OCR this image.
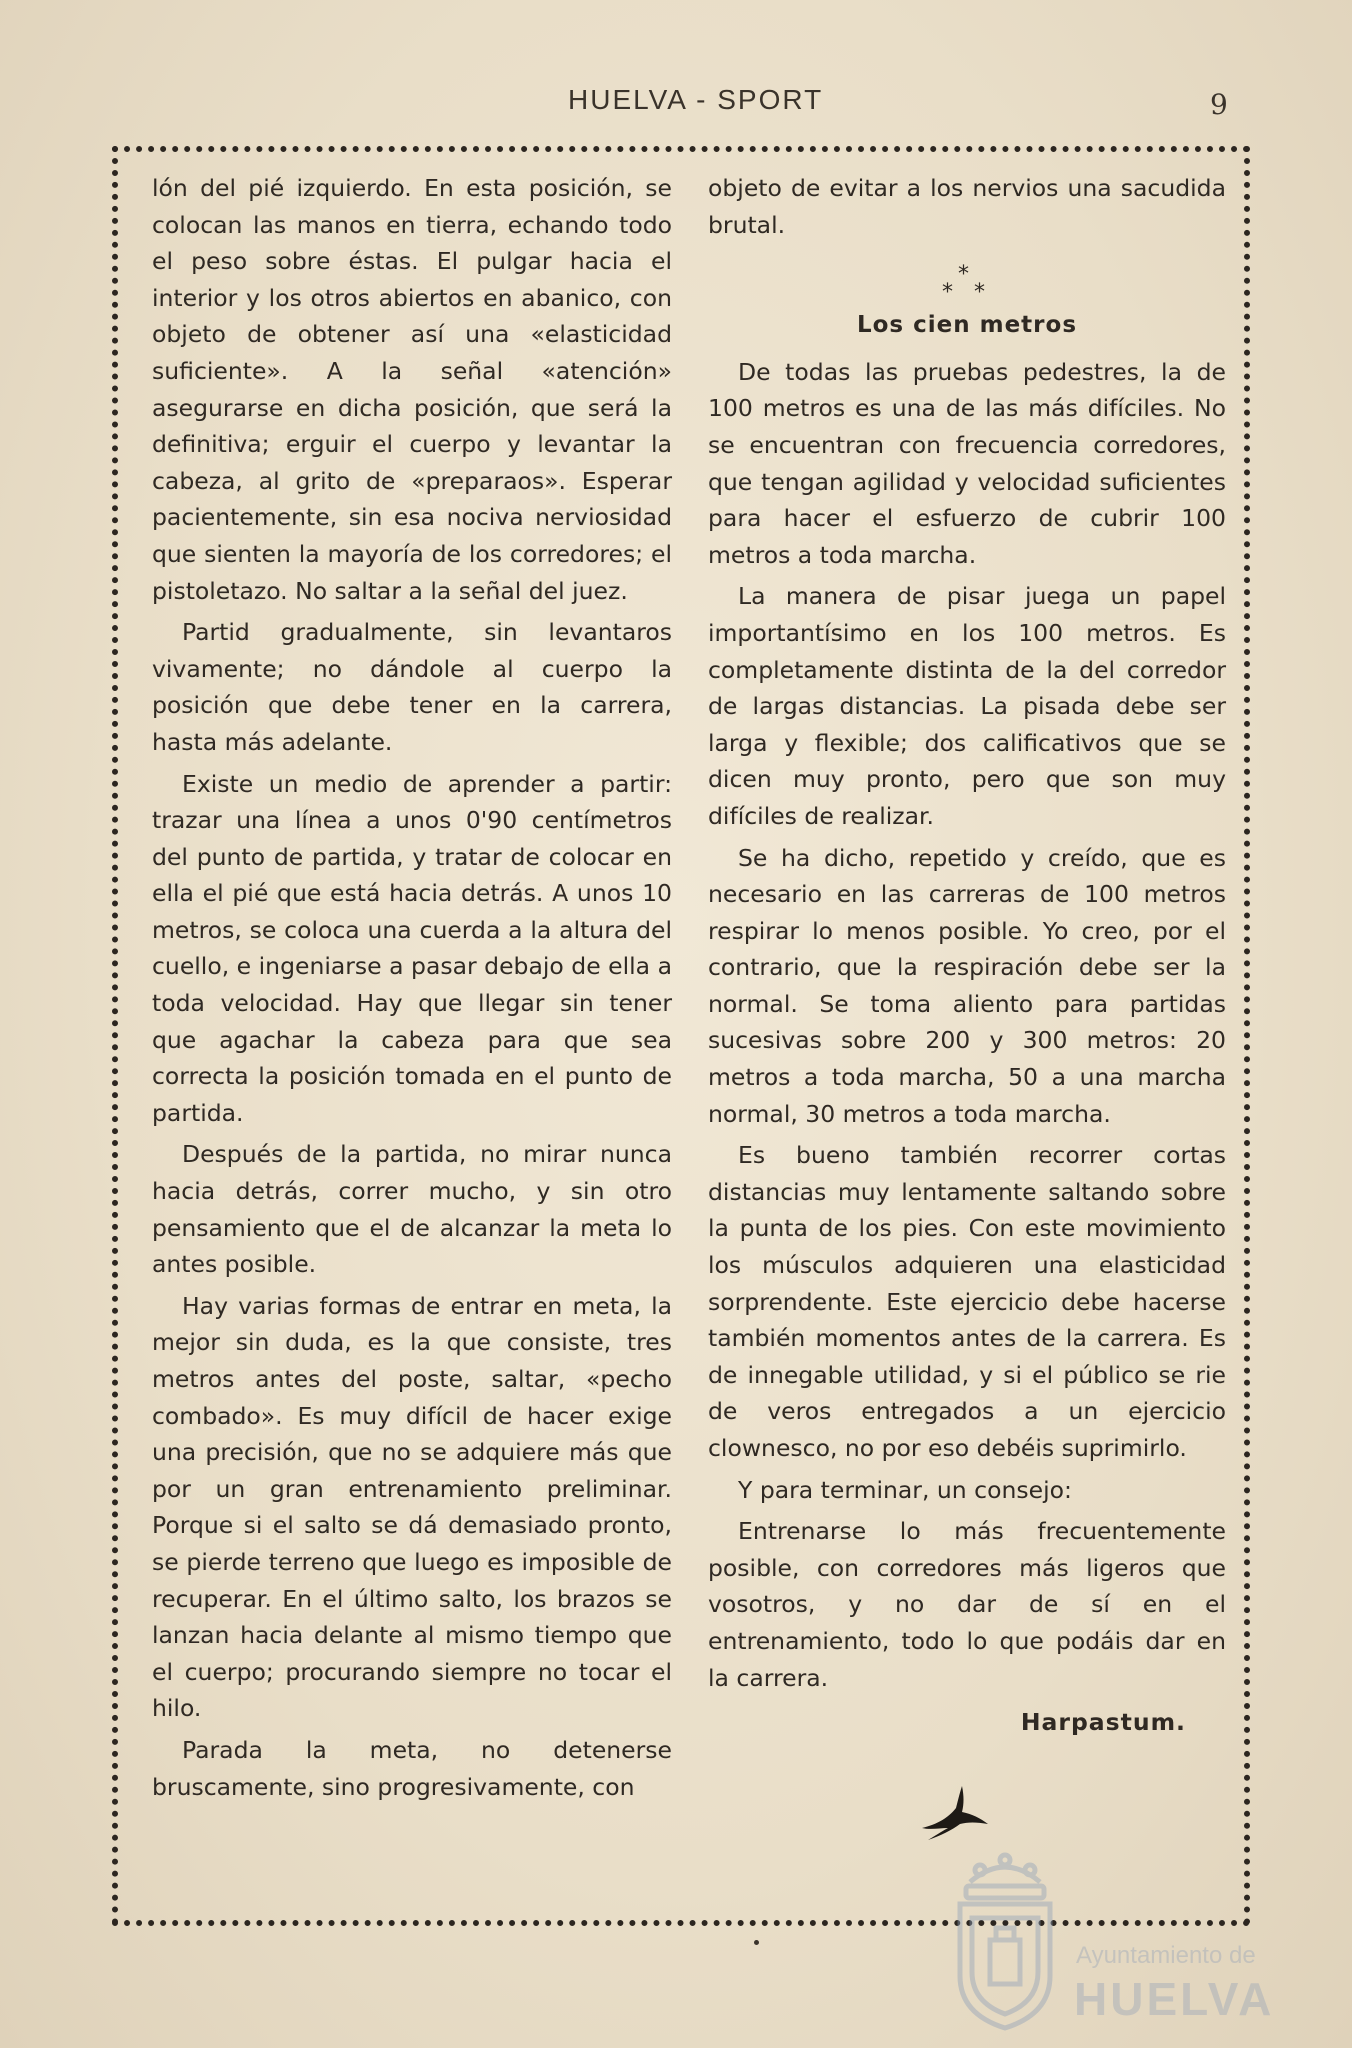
HUELVA - SPORT	9

lón del pié izquierdo. En esta posición, se colocan las manos en tierra, echando todo el peso sobre éstas. El pulgar hacia el interior y los otros abiertos en abanico, con objeto de obtener así una «elasticidad suficiente». A la señal «atención» asegurarse en dicha posición, que será la definitiva; erguir el cuerpo y levantar la cabeza, al grito de «preparaos». Esperar pacientemente, sin esa nociva nerviosidad que sienten la mayoría de los corredores; el pistoletazo. No saltar a la señal del juez.

Partid gradualmente, sin levantaros vivamente; no dándole al cuerpo la posición que debe tener en la carrera, hasta más adelante.

Existe un medio de aprender a partir: trazar una línea a unos 0'90 centímetros del punto de partida, y tratar de colocar en ella el pié que está hacia detrás. A unos 10 metros, se coloca una cuerda a la altura del cuello, e ingeniarse a pasar debajo de ella a toda velocidad. Hay que llegar sin tener que agachar la cabeza para que sea correcta la posición tomada en el punto de partida.

Después de la partida, no mirar nunca hacia detrás, correr mucho, y sin otro pensamiento que el de alcanzar la meta lo antes posible.

Hay varias formas de entrar en meta, la mejor sin duda, es la que consiste, tres metros antes del poste, saltar, «pecho combado». Es muy difícil de hacer exige una precisión, que no se adquiere más que por un gran entrenamiento preliminar. Porque si el salto se dá demasiado pronto, se pierde terreno que luego es imposible de recuperar. En el último salto, los brazos se lanzan hacia delante al mismo tiempo que el cuerpo; procurando siempre no tocar el hilo.

Parada la meta, no detenerse bruscamente, sino progresivamente, con

objeto de evitar a los nervios una sacudida brutal.

*
* *
Los cien metros

De todas las pruebas pedestres, la de 100 metros es una de las más difíciles. No se encuentran con frecuencia corredores, que tengan agilidad y velocidad suficientes para hacer el esfuerzo de cubrir 100 metros a toda marcha.

La manera de pisar juega un papel importantísimo en los 100 metros. Es completamente distinta de la del corredor de largas distancias. La pisada debe ser larga y flexible; dos calificativos que se dicen muy pronto, pero que son muy difíciles de realizar.

Se ha dicho, repetido y creído, que es necesario en las carreras de 100 metros respirar lo menos posible. Yo creo, por el contrario, que la respiración debe ser la normal. Se toma aliento para partidas sucesivas sobre 200 y 300 metros: 20 metros a toda marcha, 50 a una marcha normal, 30 metros a toda marcha.

Es bueno también recorrer cortas distancias muy lentamente saltando sobre la punta de los pies. Con este movimiento los músculos adquieren una elasticidad sorprendente. Este ejercicio debe hacerse también momentos antes de la carrera. Es de innegable utilidad, y si el público se rie de veros entregados a un ejercicio clownesco, no por eso debéis suprimirlo.

Y para terminar, un consejo:

Entrenarse lo más frecuentemente posible, con corredores más ligeros que vosotros, y no dar de sí en el entrenamiento, todo lo que podáis dar en la carrera.

Harpastum.
Ayuntamiento de
HUELVA
